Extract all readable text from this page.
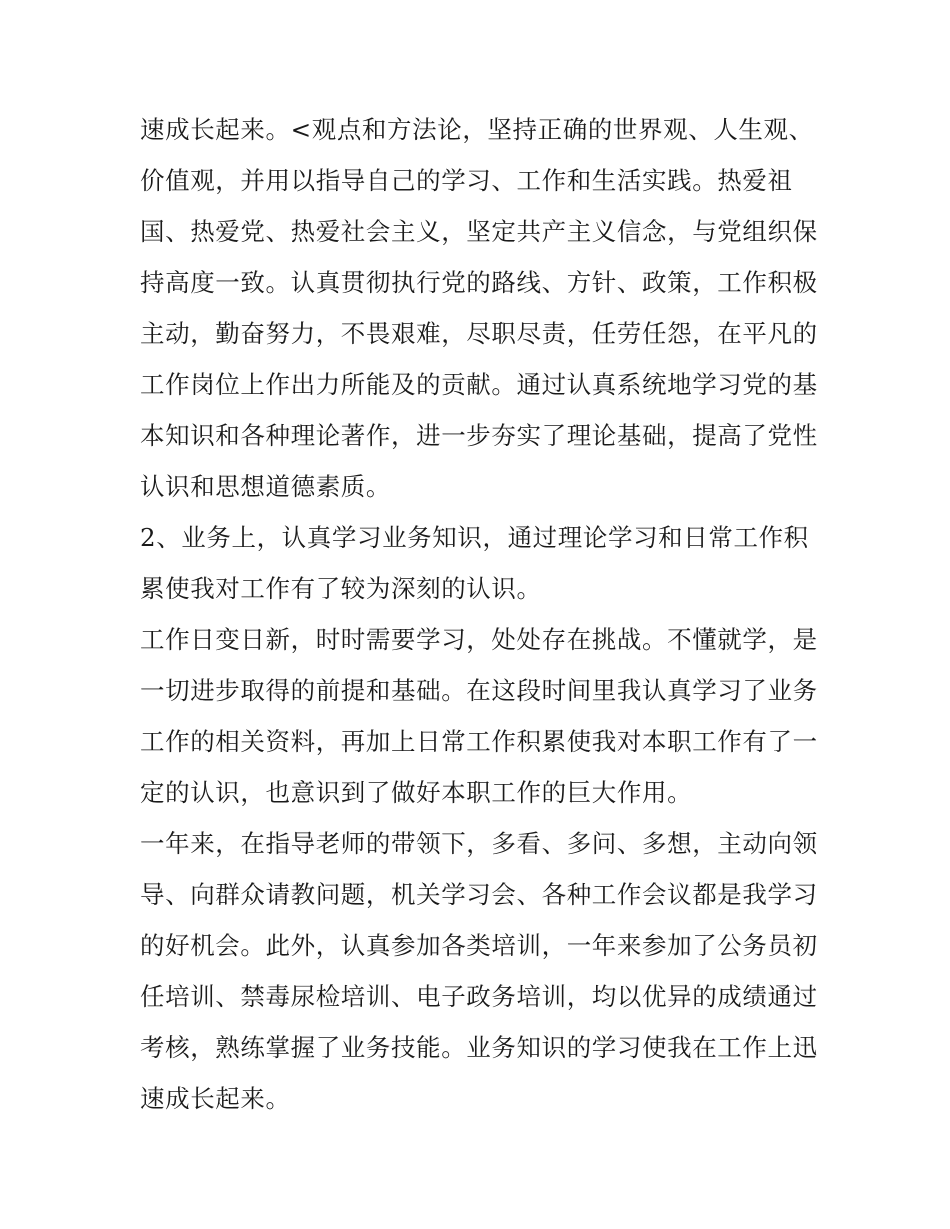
速成长起来。<观点和方法论，坚持正确的世界观、人生观、
价值观，并用以指导自己的学习、工作和生活实践。热爱祖
国、热爱党、热爱社会主义，坚定共产主义信念，与党组织保
持高度一致。认真贯彻执行党的路线、方针、政策，工作积极
主动，勤奋努力，不畏艰难，尽职尽责，任劳任怨，在平凡的
工作岗位上作出力所能及的贡献。通过认真系统地学习党的基
本知识和各种理论著作，进一步夯实了理论基础，提高了党性
认识和思想道德素质。
2、业务上，认真学习业务知识，通过理论学习和日常工作积
累使我对工作有了较为深刻的认识。
工作日变日新，时时需要学习，处处存在挑战。不懂就学，是
一切进步取得的前提和基础。在这段时间里我认真学习了业务
工作的相关资料，再加上日常工作积累使我对本职工作有了一
定的认识，也意识到了做好本职工作的巨大作用。
一年来，在指导老师的带领下，多看、多问、多想，主动向领
导、向群众请教问题，机关学习会、各种工作会议都是我学习
的好机会。此外，认真参加各类培训，一年来参加了公务员初
任培训、禁毒尿检培训、电子政务培训，均以优异的成绩通过
考核，熟练掌握了业务技能。业务知识的学习使我在工作上迅
速成长起来。
